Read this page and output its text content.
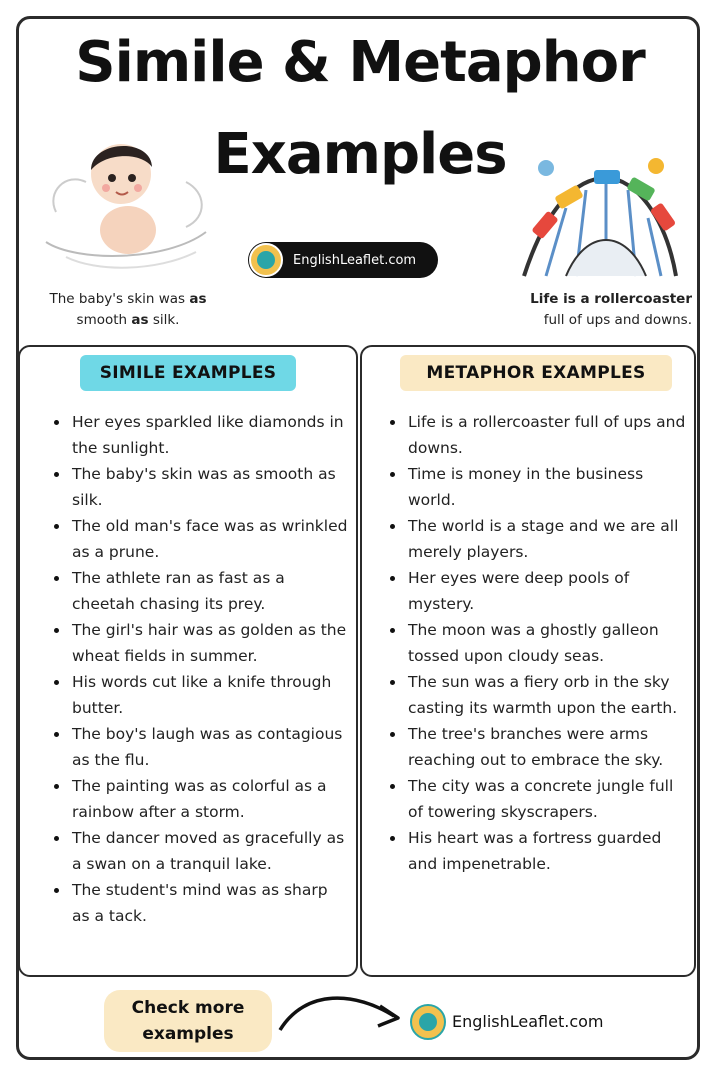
Simile & Metaphor
Examples
EnglishLeaflet.com
The baby's skin was as
smooth as silk.
Life is a rollercoaster
full of ups and downs.
SIMILE EXAMPLES
Her eyes sparkled like diamonds in the sunlight.
The baby's skin was as smooth as silk.
The old man's face was as wrinkled as a prune.
The athlete ran as fast as a cheetah chasing its prey.
The girl's hair was as golden as the wheat fields in summer.
His words cut like a knife through butter.
The boy's laugh was as contagious as the flu.
The painting was as colorful as a rainbow after a storm.
The dancer moved as gracefully as a swan on a tranquil lake.
The student's mind was as sharp as a tack.
METAPHOR EXAMPLES
Life is a rollercoaster full of ups and downs.
Time is money in the business world.
The world is a stage and we are all merely players.
Her eyes were deep pools of mystery.
The moon was a ghostly galleon tossed upon cloudy seas.
The sun was a fiery orb in the sky casting its warmth upon the earth.
The tree's branches were arms reaching out to embrace the sky.
The city was a concrete jungle full of towering skyscrapers.
His heart was a fortress guarded and impenetrable.
Check more
examples
EnglishLeaflet.com
